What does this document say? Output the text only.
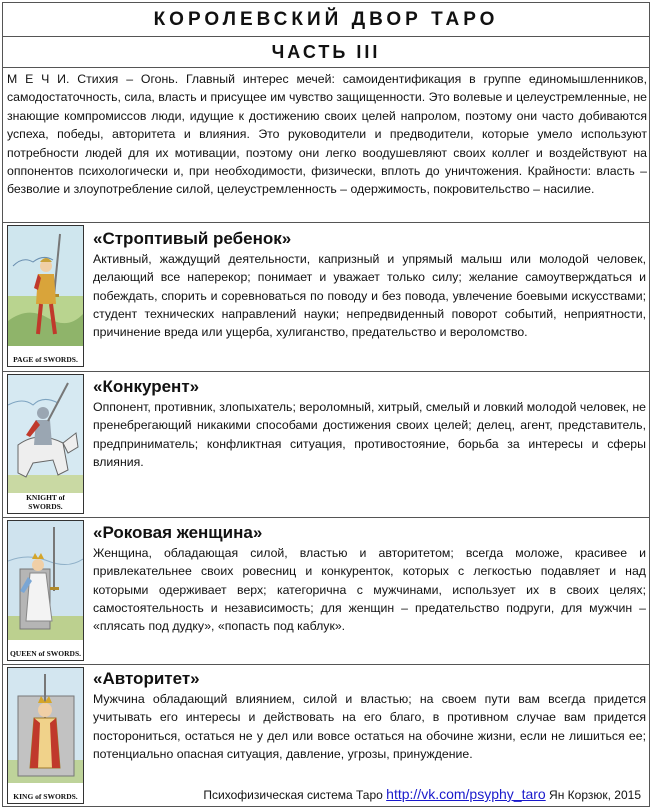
КОРОЛЕВСКИЙ ДВОР ТАРО
ЧАСТЬ III
М Е Ч И. Стихия – Огонь. Главный интерес мечей: самоидентификация в группе единомышленников, самодостаточность, сила, власть и присущее им чувство защищенности. Это волевые и целеустремленные, не знающие компромиссов люди, идущие к достижению своих целей напролом, поэтому они часто добиваются успеха, победы, авторитета и влияния. Это руководители и предводители, которые умело используют потребности людей для их мотивации, поэтому они легко воодушевляют своих коллег и воздействуют на оппонентов психологически и, при необходимости, физически, вплоть до уничтожения. Крайности: власть – безволие и злоупотребление силой, целеустремленность – одержимость, покровительство – насилие.
PAGE of SWORDS.
«Строптивый ребенок»
Активный, жаждущий деятельности, капризный и упрямый малыш или молодой человек, делающий все наперекор; понимает и уважает только силу; желание самоутверждаться и побеждать, спорить и соревноваться по поводу и без повода, увлечение боевыми искусствами; студент технических направлений науки; непредвиденный поворот событий, неприятности, причинение вреда или ущерба, хулиганство, предательство и вероломство.
KNIGHT of SWORDS.
«Конкурент»
Оппонент, противник, злопыхатель; вероломный, хитрый, смелый и ловкий молодой человек, не пренебрегающий никакими способами достижения своих целей; делец, агент, представитель, предприниматель; конфликтная ситуация, противостояние, борьба за интересы и сферы влияния.
QUEEN of SWORDS.
«Роковая женщина»
Женщина, обладающая силой, властью и авторитетом; всегда моложе, красивее и привлекательнее своих ровесниц и конкуренток, которых с легкостью подавляет и над которыми одерживает верх; категорична с мужчинами, использует их в своих целях; самостоятельность и независимость; для женщин – предательство подруги, для мужчин – «плясать под дудку», «попасть под каблук».
KING of SWORDS.
«Авторитет»
Мужчина обладающий влиянием, силой и властью; на своем пути вам всегда придется учитывать его интересы и действовать на его благо, в противном случае вам придется посторониться, остаться не у дел или вовсе остаться на обочине жизни, если не лишиться ее; потенциально опасная ситуация, давление, угрозы, принуждение.
Психофизическая система Таро http://vk.com/psyphy_taro Ян Корзюк, 2015
